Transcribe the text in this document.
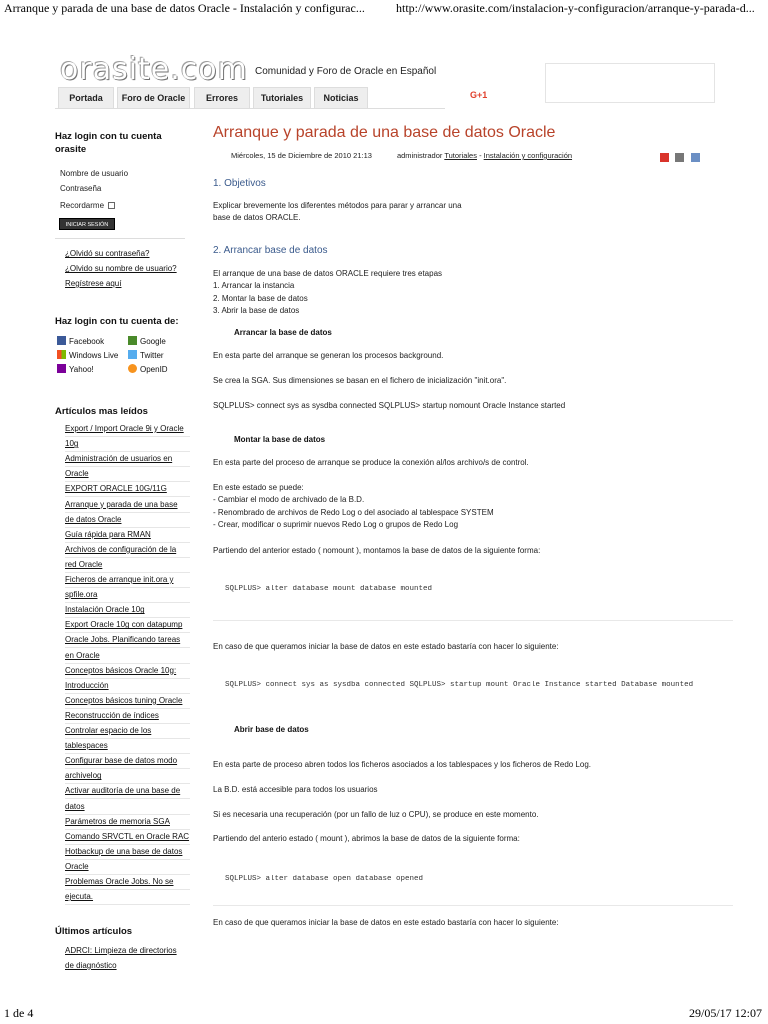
Arranque y parada de una base de datos Oracle - Instalación y configurac...	http://www.orasite.com/instalacion-y-configuracion/arranque-y-parada-d...
orasite.com Comunidad y Foro de Oracle en Español
Portada	Foro de Oracle	Errores	Tutoriales	Noticias	G+1
Haz login con tu cuenta orasite
Nombre de usuario
Contraseña
Recordarme
INICIAR SESIÓN
¿Olvidó su contraseña?
¿Olvido su nombre de usuario?
Regístrese aquí
Haz login con tu cuenta de:
Facebook	Google
Windows Live	Twitter
Yahoo!	OpenID
Artículos mas leídos
Export / Import Oracle 9i y Oracle
10g
Administración de usuarios en
Oracle
EXPORT ORACLE 10G/11G
Arranque y parada de una base
de datos Oracle
Guía rápida para RMAN
Archivos de configuración de la
red Oracle
Ficheros de arranque init.ora y
spfile.ora
Instalación Oracle 10g
Export Oracle 10g con datapump
Oracle Jobs. Planificando tareas
en Oracle
Conceptos básicos Oracle 10g:
Introducción
Conceptos básicos tuning Oracle
Reconstrucción de índices
Controlar espacio de los
tablespaces
Configurar base de datos modo
archivelog
Activar auditoría de una base de
datos
Parámetros de memoria SGA
Comando SRVCTL en Oracle RAC
Hotbackup de una base de datos
Oracle
Problemas Oracle Jobs. No se
ejecuta.
Últimos artículos
ADRCI: Limpieza de directorios
de diagnóstico
Arranque y parada de una base de datos Oracle
Miércoles, 15 de Diciembre de 2010 21:13	administrador Tutoriales - Instalación y configuración

1. Objetivos
Explicar brevemente los diferentes métodos para parar y arrancar una
base de datos ORACLE.
2. Arrancar base de datos
El arranque de una base de datos ORACLE requiere tres etapas
1. Arrancar la instancia
2. Montar la base de datos
3. Abrir la base de datos
Arrancar la base de datos
En esta parte del arranque se generan los procesos background.
Se crea la SGA. Sus dimensiones se basan en el fichero de inicialización "init.ora".
SQLPLUS> connect sys as sysdba connected SQLPLUS> startup nomount Oracle Instance started
Montar la base de datos
En esta parte del proceso de arranque se produce la conexión al/los archivo/s de control.
En este estado se puede:
- Cambiar el modo de archivado de la B.D.
- Renombrado de archivos de Redo Log o del asociado al tablespace SYSTEM
- Crear, modificar o suprimir nuevos Redo Log o grupos de Redo Log
Partiendo del anterior estado ( nomount ), montamos la base de datos de la siguiente forma:
SQLPLUS> alter database mount database mounted
En caso de que queramos iniciar la base de datos en este estado bastaría con hacer lo siguiente:
SQLPLUS> connect sys as sysdba connected SQLPLUS> startup mount Oracle Instance started Database mounted
Abrir base de datos
En esta parte de proceso abren todos los ficheros asociados a los tablespaces y los ficheros de Redo Log.
La B.D. está accesible para todos los usuarios
Si es necesaria una recuperación (por un fallo de luz o CPU), se produce en este momento.
Partiendo del anterio estado ( mount ), abrimos la base de datos de la siguiente forma:
SQLPLUS> alter database open database opened
En caso de que queramos iniciar la base de datos en este estado bastaría con hacer lo siguiente:
1 de 4	29/05/17 12:07
